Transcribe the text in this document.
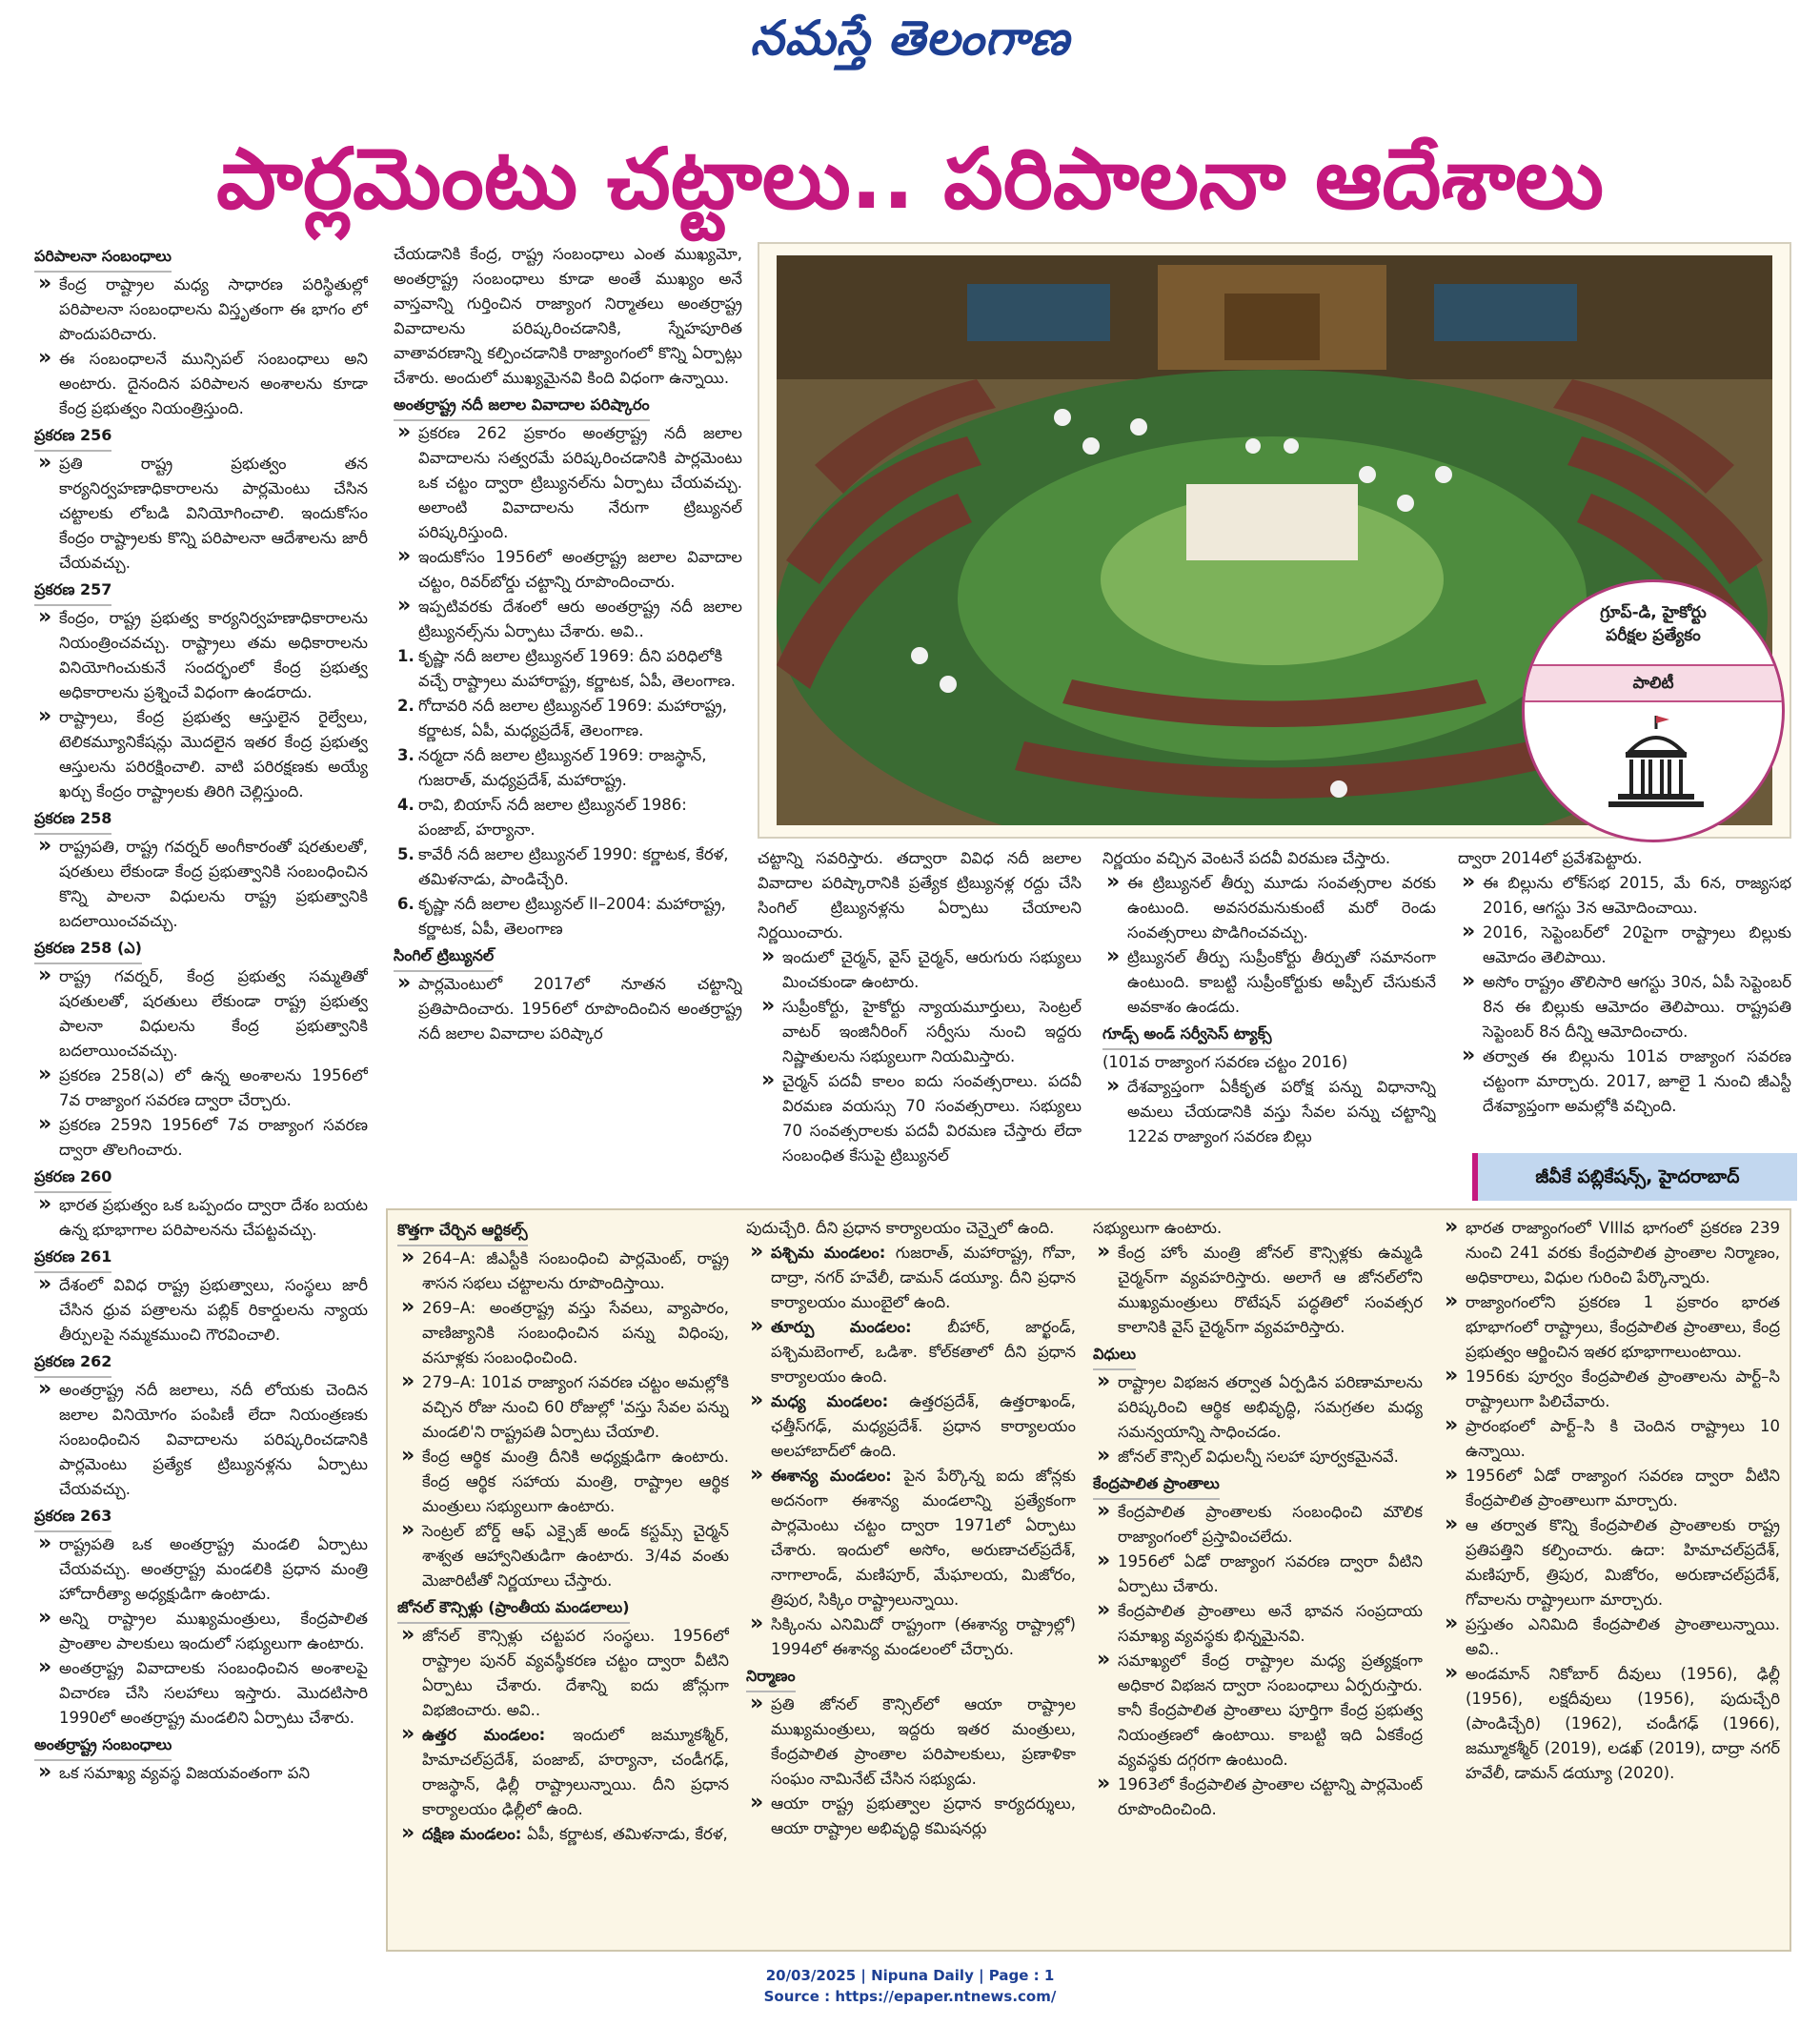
నమస్తే తెలంగాణ
పార్లమెంటు చట్టాలు.. పరిపాలనా ఆదేశాలు
పరిపాలనా సంబంధాలు
» కేంద్ర రాష్ట్రాల మధ్య సాధారణ పరిస్థితుల్లో పరిపాలనా సంబంధాలను విస్తృతంగా ఈ భాగం లో పొందుపరిచారు.
» ఈ సంబంధాలనే మున్సిపల్ సంబంధాలు అని అంటారు. దైనందిన పరిపాలన అంశాలను కూడా కేంద్ర ప్రభుత్వం నియంత్రిస్తుంది.
ప్రకరణ 256
» ప్రతి రాష్ట్ర ప్రభుత్వం తన కార్యనిర్వహణాధికారాలను పార్లమెంటు చేసిన చట్టాలకు లోబడి వినియోగించాలి. ఇందుకోసం కేంద్రం రాష్ట్రాలకు కొన్ని పరిపాలనా ఆదేశాలను జారీ చేయవచ్చు.
ప్రకరణ 257
» కేంద్రం, రాష్ట్ర ప్రభుత్వ కార్యనిర్వహణాధికారాలను నియంత్రించవచ్చు. రాష్ట్రాలు తమ అధికారాలను వినియోగించుకునే సందర్భంలో కేంద్ర ప్రభుత్వ అధికారాలను ప్రశ్నించే విధంగా ఉండరాదు.
» రాష్ట్రాలు, కేంద్ర ప్రభుత్వ ఆస్తులైన రైల్వేలు, టెలికమ్యూనికేషన్లు మొదలైన ఇతర కేంద్ర ప్రభుత్వ ఆస్తులను పరిరక్షించాలి. వాటి పరిరక్షణకు అయ్యే ఖర్చు కేంద్రం రాష్ట్రాలకు తిరిగి చెల్లిస్తుంది.
ప్రకరణ 258
» రాష్ట్రపతి, రాష్ట్ర గవర్నర్ అంగీకారంతో షరతులతో, షరతులు లేకుండా కేంద్ర ప్రభుత్వానికి సంబంధించిన కొన్ని పాలనా విధులను రాష్ట్ర ప్రభుత్వానికి బదలాయించవచ్చు.
ప్రకరణ 258 (ఎ)
» రాష్ట్ర గవర్నర్, కేంద్ర ప్రభుత్వ సమ్మతితో షరతులతో, షరతులు లేకుండా రాష్ట్ర ప్రభుత్వ పాలనా విధులను కేంద్ర ప్రభుత్వానికి బదలాయించవచ్చు.
» ప్రకరణ 258(ఎ) లో ఉన్న అంశాలను 1956లో 7వ రాజ్యాంగ సవరణ ద్వారా చేర్చారు.
» ప్రకరణ 259ని 1956లో 7వ రాజ్యాంగ సవరణ ద్వారా తొలగించారు.
ప్రకరణ 260
» భారత ప్రభుత్వం ఒక ఒప్పందం ద్వారా దేశం బయట ఉన్న భూభాగాల పరిపాలనను చేపట్టవచ్చు.
ప్రకరణ 261
» దేశంలో వివిధ రాష్ట్ర ప్రభుత్వాలు, సంస్థలు జారీ చేసిన ధ్రువ పత్రాలను పబ్లిక్ రికార్డులను న్యాయ తీర్పులపై నమ్మకముంచి గౌరవించాలి.
ప్రకరణ 262
» అంతర్రాష్ట్ర నదీ జలాలు, నదీ లోయకు చెందిన జలాల వినియోగం పంపిణీ లేదా నియంత్రణకు సంబంధించిన వివాదాలను పరిష్కరించడానికి పార్లమెంటు ప్రత్యేక ట్రిబ్యునళ్లను ఏర్పాటు చేయవచ్చు.
ప్రకరణ 263
» రాష్ట్రపతి ఒక అంతర్రాష్ట్ర మండలి ఏర్పాటు చేయవచ్చు. అంతర్రాష్ట్ర మండలికి ప్రధాన మంత్రి హోదారీత్యా అధ్యక్షుడిగా ఉంటాడు.
» అన్ని రాష్ట్రాల ముఖ్యమంత్రులు, కేంద్రపాలిత ప్రాంతాల పాలకులు ఇందులో సభ్యులుగా ఉంటారు.
» అంతర్రాష్ట్ర వివాదాలకు సంబంధించిన అంశాలపై విచారణ చేసి సలహాలు ఇస్తారు. మొదటిసారి 1990లో అంతర్రాష్ట్ర మండలిని ఏర్పాటు చేశారు.
అంతర్రాష్ట్ర సంబంధాలు
» ఒక సమాఖ్య వ్యవస్థ విజయవంతంగా పని

చేయడానికి కేంద్ర, రాష్ట్ర సంబంధాలు ఎంత ముఖ్యమో, అంతర్రాష్ట్ర సంబంధాలు కూడా అంతే ముఖ్యం అనే వాస్తవాన్ని గుర్తించిన రాజ్యాంగ నిర్మాతలు అంతర్రాష్ట్ర వివాదాలను పరిష్కరించడానికి, స్నేహపూరిత వాతావరణాన్ని కల్పించడానికి రాజ్యాంగంలో కొన్ని ఏర్పాట్లు చేశారు. అందులో ముఖ్యమైనవి కింది విధంగా ఉన్నాయి.

అంతర్రాష్ట్ర నదీ జలాల వివాదాల పరిష్కారం
» ప్రకరణ 262 ప్రకారం అంతర్రాష్ట్ర నదీ జలాల వివాదాలను సత్వరమే పరిష్కరించడానికి పార్లమెంటు ఒక చట్టం ద్వారా ట్రిబ్యునల్‌ను ఏర్పాటు చేయవచ్చు. అలాంటి వివాదాలను నేరుగా ట్రిబ్యునల్ పరిష్కరిస్తుంది.
» ఇందుకోసం 1956లో అంతర్రాష్ట్ర జలాల వివాదాల చట్టం, రివర్‌బోర్డు చట్టాన్ని రూపొందించారు.
» ఇప్పటివరకు దేశంలో ఆరు అంతర్రాష్ట్ర నదీ జలాల ట్రిబ్యునల్స్‌ను ఏర్పాటు చేశారు. అవి..
1. కృష్ణా నదీ జలాల ట్రిబ్యునల్ 1969: దీని పరిధిలోకి వచ్చే రాష్ట్రాలు మహారాష్ట్ర, కర్ణాటక, ఏపీ, తెలంగాణ.
2. గోదావరి నదీ జలాల ట్రిబ్యునల్ 1969: మహారాష్ట్ర, కర్ణాటక, ఏపీ, మధ్యప్రదేశ్, తెలంగాణ.
3. నర్మదా నదీ జలాల ట్రిబ్యునల్ 1969: రాజస్థాన్, గుజరాత్, మధ్యప్రదేశ్, మహారాష్ట్ర.
4. రావి, బియాస్ నదీ జలాల ట్రిబ్యునల్ 1986: పంజాబ్, హర్యానా.
5. కావేరీ నదీ జలాల ట్రిబ్యునల్ 1990: కర్ణాటక, కేరళ, తమిళనాడు, పాండిచ్చేరి.
6. కృష్ణా నదీ జలాల ట్రిబ్యునల్ II–2004: మహారాష్ట్ర, కర్ణాటక, ఏపీ, తెలంగాణ
సింగిల్ ట్రిబ్యునల్
» పార్లమెంటులో 2017లో నూతన చట్టాన్ని ప్రతిపాదించారు. 1956లో రూపొందించిన అంతర్రాష్ట్ర నదీ జలాల వివాదాల పరిష్కార
గ్రూప్-డి, హైకోర్టు
పరీక్షల ప్రత్యేకం
పాలిటీ

చట్టాన్ని సవరిస్తారు. తద్వారా వివిధ నదీ జలాల వివాదాల పరిష్కారానికి ప్రత్యేక ట్రిబ్యునళ్ల రద్దు చేసి సింగిల్ ట్రిబ్యునళ్లను ఏర్పాటు చేయాలని నిర్ణయించారు.

» ఇందులో చైర్మన్, వైస్ చైర్మన్, ఆరుగురు సభ్యులు మించకుండా ఉంటారు.
» సుప్రీంకోర్టు, హైకోర్టు న్యాయమూర్తులు, సెంట్రల్ వాటర్ ఇంజినీరింగ్ సర్వీసు నుంచి ఇద్దరు నిష్ణాతులను సభ్యులుగా నియమిస్తారు.
» చైర్మన్ పదవీ కాలం ఐదు సంవత్సరాలు. పదవీ విరమణ వయస్సు 70 సంవత్సరాలు. సభ్యులు 70 సంవత్సరాలకు పదవీ విరమణ చేస్తారు లేదా సంబంధిత కేసుపై ట్రిబ్యునల్

నిర్ణయం వచ్చిన వెంటనే పదవీ విరమణ చేస్తారు.

» ఈ ట్రిబ్యునల్ తీర్పు మూడు సంవత్సరాల వరకు ఉంటుంది. అవసరమనుకుంటే మరో రెండు సంవత్సరాలు పొడిగించవచ్చు.
» ట్రిబ్యునల్ తీర్పు సుప్రీంకోర్టు తీర్పుతో సమానంగా ఉంటుంది. కాబట్టి సుప్రీంకోర్టుకు అప్పీల్ చేసుకునే అవకాశం ఉండదు.
గూడ్స్ అండ్ సర్వీసెస్ ట్యాక్స్

(101వ రాజ్యాంగ సవరణ చట్టం 2016)

» దేశవ్యాప్తంగా ఏకీకృత పరోక్ష పన్ను విధానాన్ని అమలు చేయడానికి వస్తు సేవల పన్ను చట్టాన్ని 122వ రాజ్యాంగ సవరణ బిల్లు

ద్వారా 2014లో ప్రవేశపెట్టారు.

» ఈ బిల్లును లోక్‌సభ 2015, మే 6న, రాజ్యసభ 2016, ఆగస్టు 3న ఆమోదించాయి.
» 2016, సెప్టెంబర్‌లో 20పైగా రాష్ట్రాలు బిల్లుకు ఆమోదం తెలిపాయి.
» అసోం రాష్ట్రం తొలిసారి ఆగస్టు 30న, ఏపీ సెప్టెంబర్ 8న ఈ బిల్లుకు ఆమోదం తెలిపాయి. రాష్ట్రపతి సెప్టెంబర్ 8న దీన్ని ఆమోదించారు.
» తర్వాత ఈ బిల్లును 101వ రాజ్యాంగ సవరణ చట్టంగా మార్చారు. 2017, జూలై 1 నుంచి జీఎస్టీ దేశవ్యాప్తంగా అమల్లోకి వచ్చింది.
జీవీకే పబ్లికేషన్స్, హైదరాబాద్
కొత్తగా చేర్చిన ఆర్టికల్స్
» 264–A: జీఎస్టీకి సంబంధించి పార్లమెంట్, రాష్ట్ర శాసన సభలు చట్టాలను రూపొందిస్తాయి.
» 269–A: అంతర్రాష్ట్ర వస్తు సేవలు, వ్యాపారం, వాణిజ్యానికి సంబంధించిన పన్ను విధింపు, వసూళ్లకు సంబంధించింది.
» 279–A: 101వ రాజ్యాంగ సవరణ చట్టం అమల్లోకి వచ్చిన రోజు నుంచి 60 రోజుల్లో 'వస్తు సేవల పన్ను మండలి'ని రాష్ట్రపతి ఏర్పాటు చేయాలి.
» కేంద్ర ఆర్థిక మంత్రి దీనికి అధ్యక్షుడిగా ఉంటారు. కేంద్ర ఆర్థిక సహాయ మంత్రి, రాష్ట్రాల ఆర్థిక మంత్రులు సభ్యులుగా ఉంటారు.
» సెంట్రల్ బోర్డ్ ఆఫ్ ఎక్సైజ్ అండ్ కస్టమ్స్ చైర్మన్ శాశ్వత ఆహ్వానితుడిగా ఉంటారు. 3/4వ వంతు మెజారిటీతో నిర్ణయాలు చేస్తారు.
జోనల్ కౌన్సిళ్లు (ప్రాంతీయ మండలాలు)
» జోనల్ కౌన్సిళ్లు చట్టపర సంస్థలు. 1956లో రాష్ట్రాల పునర్ వ్యవస్థీకరణ చట్టం ద్వారా వీటిని ఏర్పాటు చేశారు. దేశాన్ని ఐదు జోన్లుగా విభజించారు. అవి..
» ఉత్తర మండలం: ఇందులో జమ్మూకశ్మీర్, హిమాచల్‌ప్రదేశ్, పంజాబ్, హర్యానా, చండీగఢ్, రాజస్థాన్, ఢిల్లీ రాష్ట్రాలున్నాయి. దీని ప్రధాన కార్యాలయం ఢిల్లీలో ఉంది.
» దక్షిణ మండలం: ఏపీ, కర్ణాటక, తమిళనాడు, కేరళ,

పుదుచ్చేరి. దీని ప్రధాన కార్యాలయం చెన్నైలో ఉంది.

» పశ్చిమ మండలం: గుజరాత్, మహారాష్ట్ర, గోవా, దాద్రా, నగర్ హవేలీ, డామన్ డయ్యూ. దీని ప్రధాన కార్యాలయం ముంబైలో ఉంది.
» తూర్పు మండలం: బీహార్, జార్ఖండ్, పశ్చిమబెంగాల్, ఒడిశా. కోల్‌కతాలో దీని ప్రధాన కార్యాలయం ఉంది.
» మధ్య మండలం: ఉత్తరప్రదేశ్, ఉత్తరాఖండ్, ఛత్తీస్‌గఢ్, మధ్యప్రదేశ్. ప్రధాన కార్యాలయం అలహాబాద్‌లో ఉంది.
» ఈశాన్య మండలం: పైన పేర్కొన్న ఐదు జోన్లకు అదనంగా ఈశాన్య మండలాన్ని ప్రత్యేకంగా పార్లమెంటు చట్టం ద్వారా 1971లో ఏర్పాటు చేశారు. ఇందులో అసోం, అరుణాచల్‌ప్రదేశ్, నాగాలాండ్, మణిపూర్, మేఘాలయ, మిజోరం, త్రిపుర, సిక్కిం రాష్ట్రాలున్నాయి.
» సిక్కింను ఎనిమిదో రాష్ట్రంగా (ఈశాన్య రాష్ట్రాల్లో) 1994లో ఈశాన్య మండలంలో చేర్చారు.
నిర్మాణం
» ప్రతి జోనల్ కౌన్సిల్‌లో ఆయా రాష్ట్రాల ముఖ్యమంత్రులు, ఇద్దరు ఇతర మంత్రులు, కేంద్రపాలిత ప్రాంతాల పరిపాలకులు, ప్రణాళికా సంఘం నామినేట్ చేసిన సభ్యుడు.
» ఆయా రాష్ట్ర ప్రభుత్వాల ప్రధాన కార్యదర్శులు, ఆయా రాష్ట్రాల అభివృద్ధి కమిషనర్లు

సభ్యులుగా ఉంటారు.

» కేంద్ర హోం మంత్రి జోనల్ కౌన్సిళ్లకు ఉమ్మడి చైర్మన్‌గా వ్యవహరిస్తారు. అలాగే ఆ జోనల్‌లోని ముఖ్యమంత్రులు రొటేషన్ పద్ధతిలో సంవత్సర కాలానికి వైస్ చైర్మన్‌గా వ్యవహరిస్తారు.
విధులు
» రాష్ట్రాల విభజన తర్వాత ఏర్పడిన పరిణామాలను పరిష్కరించి ఆర్థిక అభివృద్ధి, సమగ్రతల మధ్య సమన్వయాన్ని సాధించడం.
» జోనల్ కౌన్సిల్ విధులన్నీ సలహా పూర్వకమైనవే.
కేంద్రపాలిత ప్రాంతాలు
» కేంద్రపాలిత ప్రాంతాలకు సంబంధించి మౌలిక రాజ్యాంగంలో ప్రస్తావించలేదు.
» 1956లో ఏడో రాజ్యాంగ సవరణ ద్వారా వీటిని ఏర్పాటు చేశారు.
» కేంద్రపాలిత ప్రాంతాలు అనే భావన సంప్రదాయ సమాఖ్య వ్యవస్థకు భిన్నమైనవి.
» సమాఖ్యలో కేంద్ర రాష్ట్రాల మధ్య ప్రత్యక్షంగా అధికార విభజన ద్వారా సంబంధాలు ఏర్పరుస్తారు. కానీ కేంద్రపాలిత ప్రాంతాలు పూర్తిగా కేంద్ర ప్రభుత్వ నియంత్రణలో ఉంటాయి. కాబట్టి ఇది ఏకకేంద్ర వ్యవస్థకు దగ్గరగా ఉంటుంది.
» 1963లో కేంద్రపాలిత ప్రాంతాల చట్టాన్ని పార్లమెంట్ రూపొందించింది.
» భారత రాజ్యాంగంలో VIIIవ భాగంలో ప్రకరణ 239 నుంచి 241 వరకు కేంద్రపాలిత ప్రాంతాల నిర్మాణం, అధికారాలు, విధుల గురించి పేర్కొన్నారు.
» రాజ్యాంగంలోని ప్రకరణ 1 ప్రకారం భారత భూభాగంలో రాష్ట్రాలు, కేంద్రపాలిత ప్రాంతాలు, కేంద్ర ప్రభుత్వం ఆర్జించిన ఇతర భూభాగాలుంటాయి.
» 1956కు పూర్వం కేంద్రపాలిత ప్రాంతాలను పార్ట్–సి రాష్ట్రాలుగా పిలిచేవారు.
» ప్రారంభంలో పార్ట్–సి కి చెందిన రాష్ట్రాలు 10 ఉన్నాయి.
» 1956లో ఏడో రాజ్యాంగ సవరణ ద్వారా వీటిని కేంద్రపాలిత ప్రాంతాలుగా మార్చారు.
» ఆ తర్వాత కొన్ని కేంద్రపాలిత ప్రాంతాలకు రాష్ట్ర ప్రతిపత్తిని కల్పించారు. ఉదా: హిమాచల్‌ప్రదేశ్, మణిపూర్, త్రిపుర, మిజోరం, అరుణాచల్‌ప్రదేశ్, గోవాలను రాష్ట్రాలుగా మార్చారు.
» ప్రస్తుతం ఎనిమిది కేంద్రపాలిత ప్రాంతాలున్నాయి. అవి..
» అండమాన్ నికోబార్ దీవులు (1956), ఢిల్లీ (1956), లక్షదీవులు (1956), పుదుచ్చేరి (పాండిచ్చేరి) (1962), చండీగఢ్ (1966), జమ్మూకశ్మీర్ (2019), లడఖ్ (2019), దాద్రా నగర్ హవేలీ, డామన్ డయ్యూ (2020).
20/03/2025 | Nipuna Daily | Page : 1
Source : https://epaper.ntnews.com/
